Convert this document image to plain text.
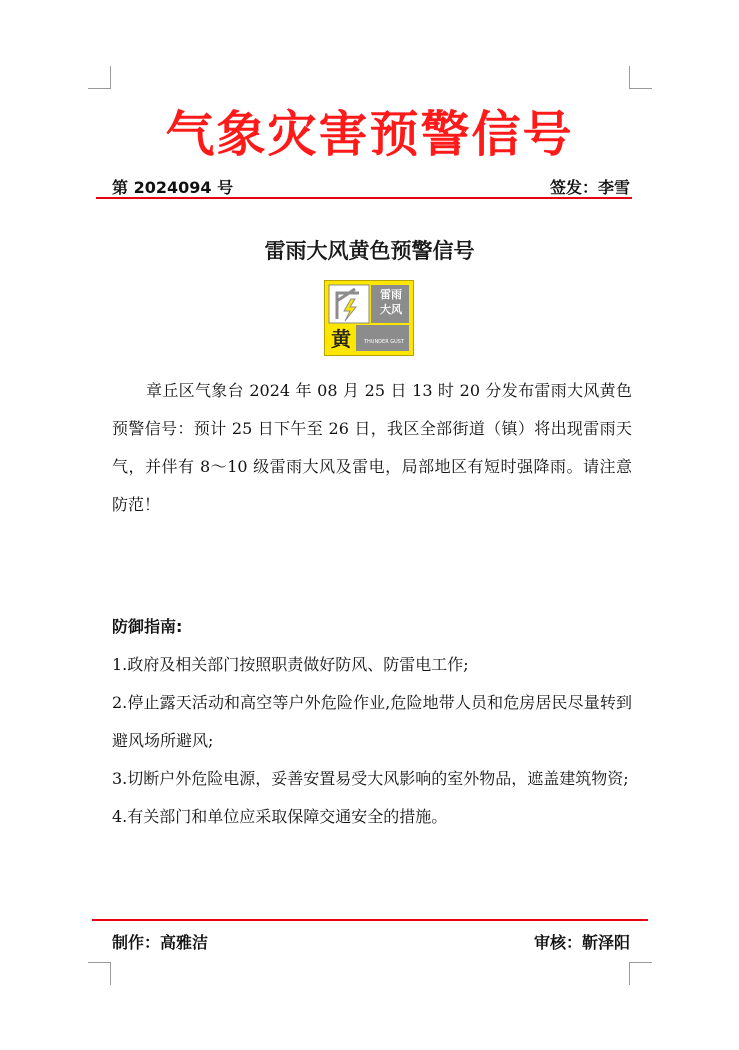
气象灾害预警信号
第 2024094 号	签发：李雪
雷雨大风黄色预警信号
雷雨
大风
黄	THUNDER GUST

章丘区气象台 2024 年 08 月 25 日 13 时 20 分发布雷雨大风黄色预警信号：预计 25 日下午至 26 日，我区全部街道（镇）将出现雷雨天气，并伴有 8～10 级雷雨大风及雷电，局部地区有短时强降雨。请注意防范！

防御指南:
1.政府及相关部门按照职责做好防风、防雷电工作;
2.停止露天活动和高空等户外危险作业,危险地带人员和危房居民尽量转到避风场所避风;
3.切断户外危险电源，妥善安置易受大风影响的室外物品，遮盖建筑物资;
4.有关部门和单位应采取保障交通安全的措施。
制作：高雅洁	审核：靳泽阳
